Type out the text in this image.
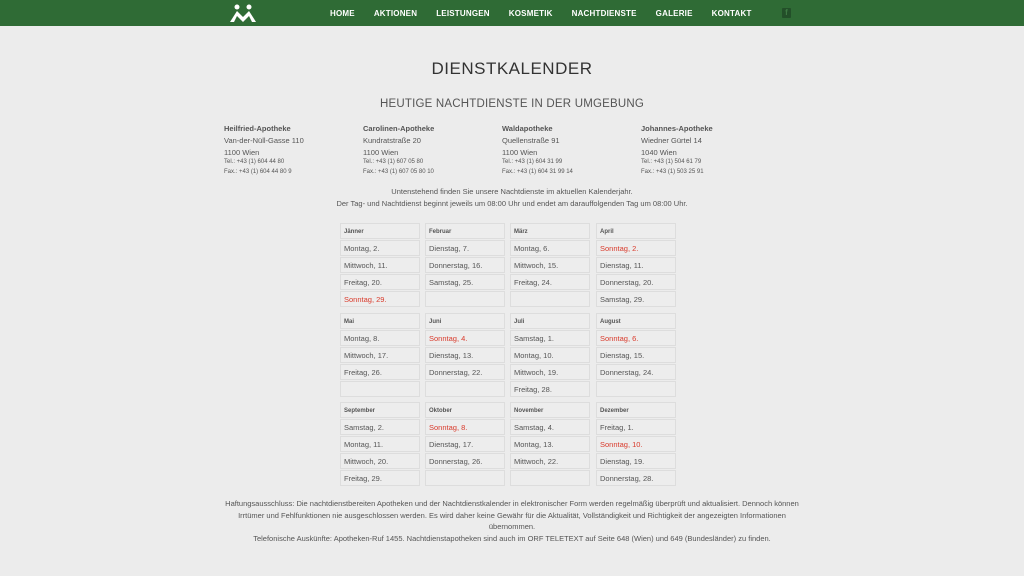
HOME AKTIONEN LEISTUNGEN KOSMETIK NACHTDIENSTE GALERIE KONTAKT	f
DIENSTKALENDER
HEUTIGE NACHTDIENSTE IN DER UMGEBUNG
Heilfried-Apotheke
Van-der-Nüll-Gasse 110
1100 Wien
Tel.: +43 (1) 604 44 80
Fax.: +43 (1) 604 44 80 9
Carolinen-Apotheke
Kundratstraße 20
1100 Wien
Tel.: +43 (1) 607 05 80
Fax.: +43 (1) 607 05 80 10
Waldapotheke
Quellenstraße 91
1100 Wien
Tel.: +43 (1) 604 31 99
Fax.: +43 (1) 604 31 99 14
Johannes-Apotheke
Wiedner Gürtel 14
1040 Wien
Tel.: +43 (1) 504 61 79
Fax.: +43 (1) 503 25 91
Untenstehend finden Sie unsere Nachtdienste im aktuellen Kalenderjahr.
Der Tag- und Nachtdienst beginnt jeweils um 08:00 Uhr und endet am darauffolgenden Tag um 08:00 Uhr.
Jänner
Montag, 2.
Mittwoch, 11.
Freitag, 20.
Sonntag, 29.
Februar
Dienstag, 7.
Donnerstag, 16.
Samstag, 25.
März
Montag, 6.
Mittwoch, 15.
Freitag, 24.
April
Sonntag, 2.
Dienstag, 11.
Donnerstag, 20.
Samstag, 29.
Mai
Montag, 8.
Mittwoch, 17.
Freitag, 26.
Juni
Sonntag, 4.
Dienstag, 13.
Donnerstag, 22.
Juli
Samstag, 1.
Montag, 10.
Mittwoch, 19.
Freitag, 28.
August
Sonntag, 6.
Dienstag, 15.
Donnerstag, 24.
September
Samstag, 2.
Montag, 11.
Mittwoch, 20.
Freitag, 29.
Oktober
Sonntag, 8.
Dienstag, 17.
Donnerstag, 26.
November
Samstag, 4.
Montag, 13.
Mittwoch, 22.
Dezember
Freitag, 1.
Sonntag, 10.
Dienstag, 19.
Donnerstag, 28.
Haftungsausschluss: Die nachtdienstbereiten Apotheken und der Nachtdienstkalender in elektronischer Form werden regelmäßig überprüft und aktualisiert. Dennoch können Irrtümer und Fehlfunktionen nie ausgeschlossen werden. Es wird daher keine Gewähr für die Aktualität, Vollständigkeit und Richtigkeit der angezeigten Informationen übernommen.
Telefonische Auskünfte: Apotheken-Ruf 1455. Nachtdienstapotheken sind auch im ORF TELETEXT auf Seite 648 (Wien) und 649 (Bundesländer) zu finden.
